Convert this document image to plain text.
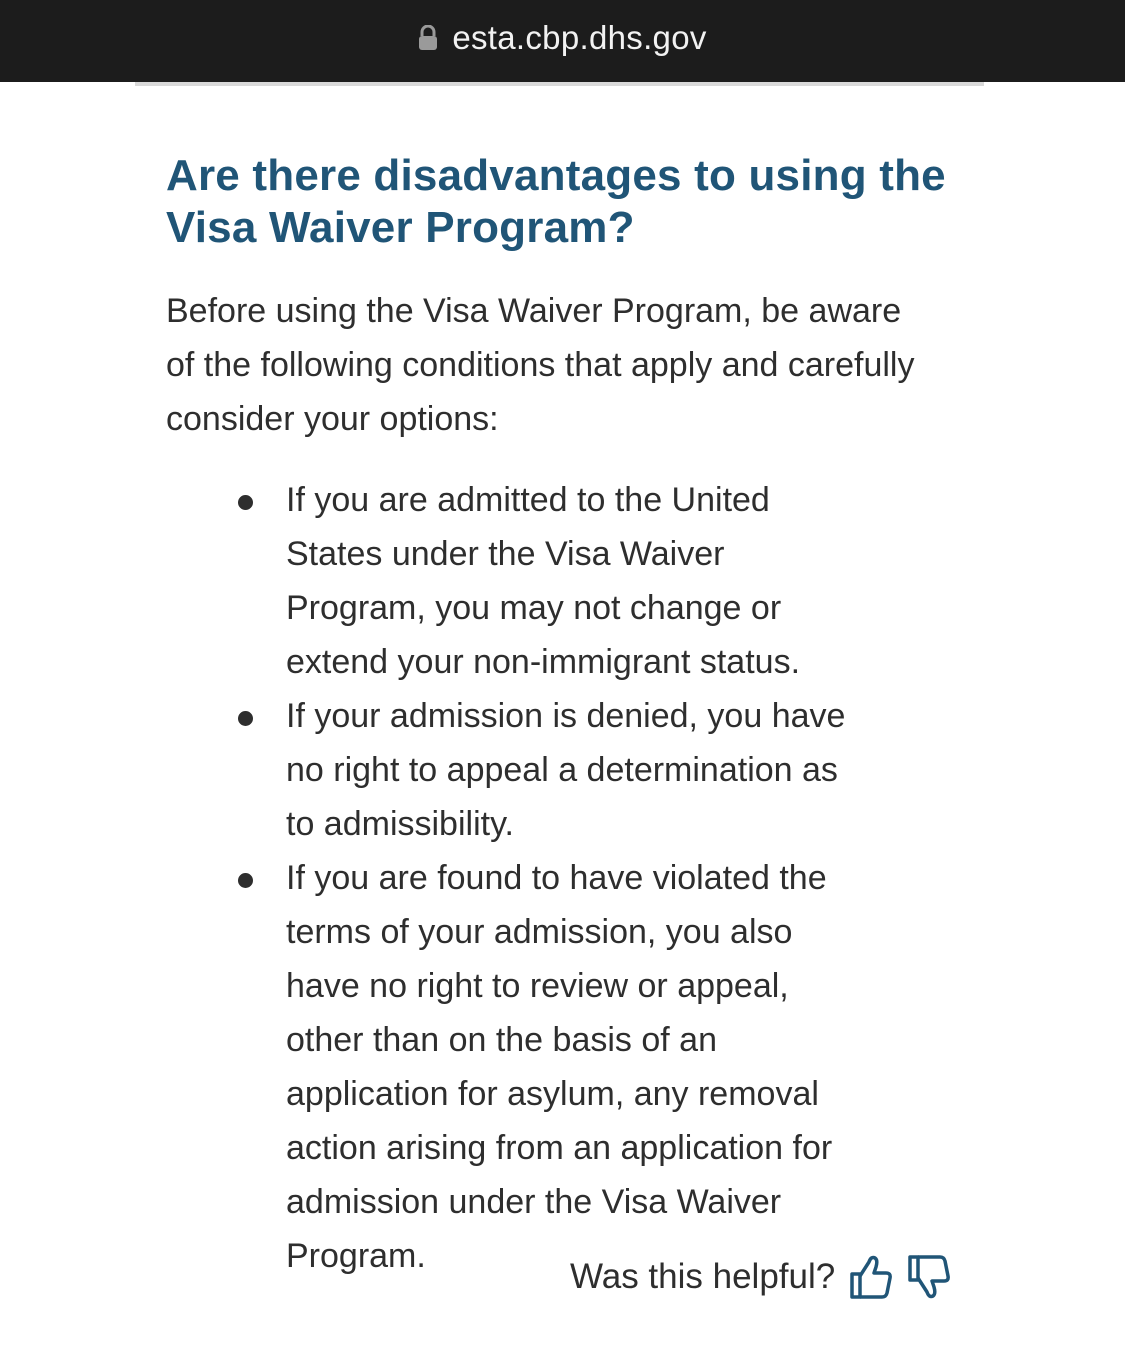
esta.cbp.dhs.gov
Are there disadvantages to using the Visa Waiver Program?

Before using the Visa Waiver Program, be aware of the following conditions that apply and carefully consider your options:

If you are admitted to the United States under the Visa Waiver Program, you may not change or extend your non-immigrant status.
If your admission is denied, you have no right to appeal a determination as to admissibility.
If you are found to have violated the terms of your admission, you also have no right to review or appeal, other than on the basis of an application for asylum, any removal action arising from an application for admission under the Visa Waiver Program.
Was this helpful?
